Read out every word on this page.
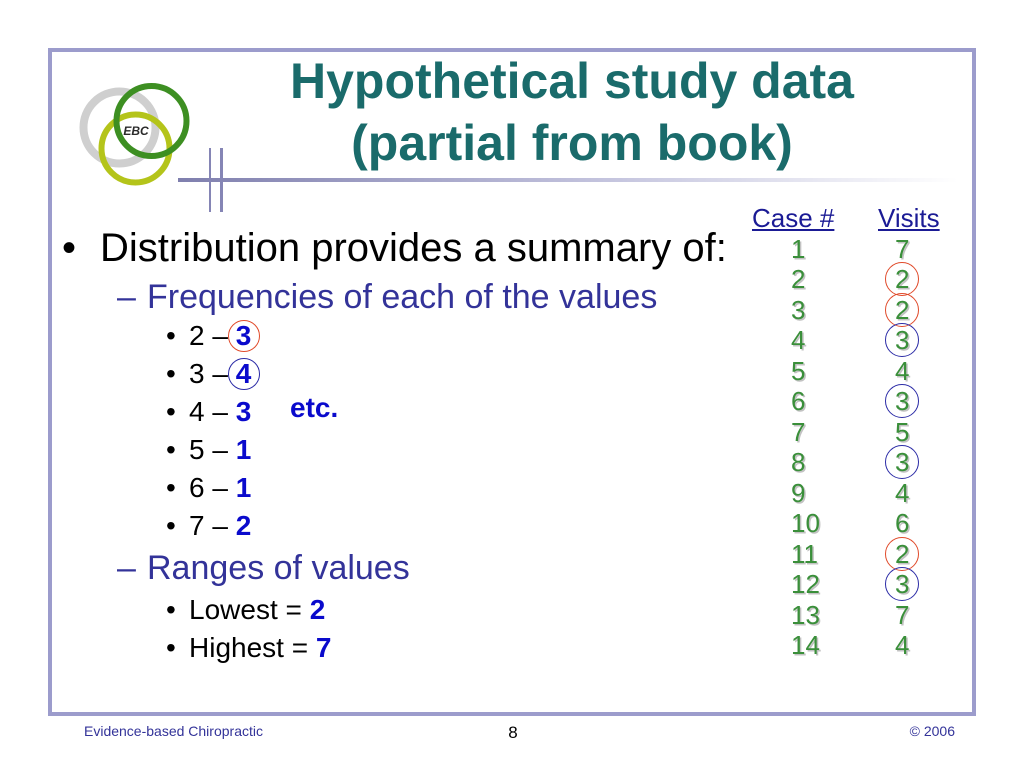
EBC
Hypothetical study data
(partial from book)
• Distribution provides a summary of:
– Frequencies of each of the values
• 2 – 3
• 3 – 4
• 4 – 3
• 5 – 1
• 6 – 1
• 7 – 2
etc.
– Ranges of values
• Lowest = 2
• Highest = 7
Case # Visits
1	7
2	2
3	2
4	3
5	4
6	3
7	5
8	3
9	4
10	6
11	2
12	3
13	7
14	4
Evidence-based Chiropractic	8	© 2006
